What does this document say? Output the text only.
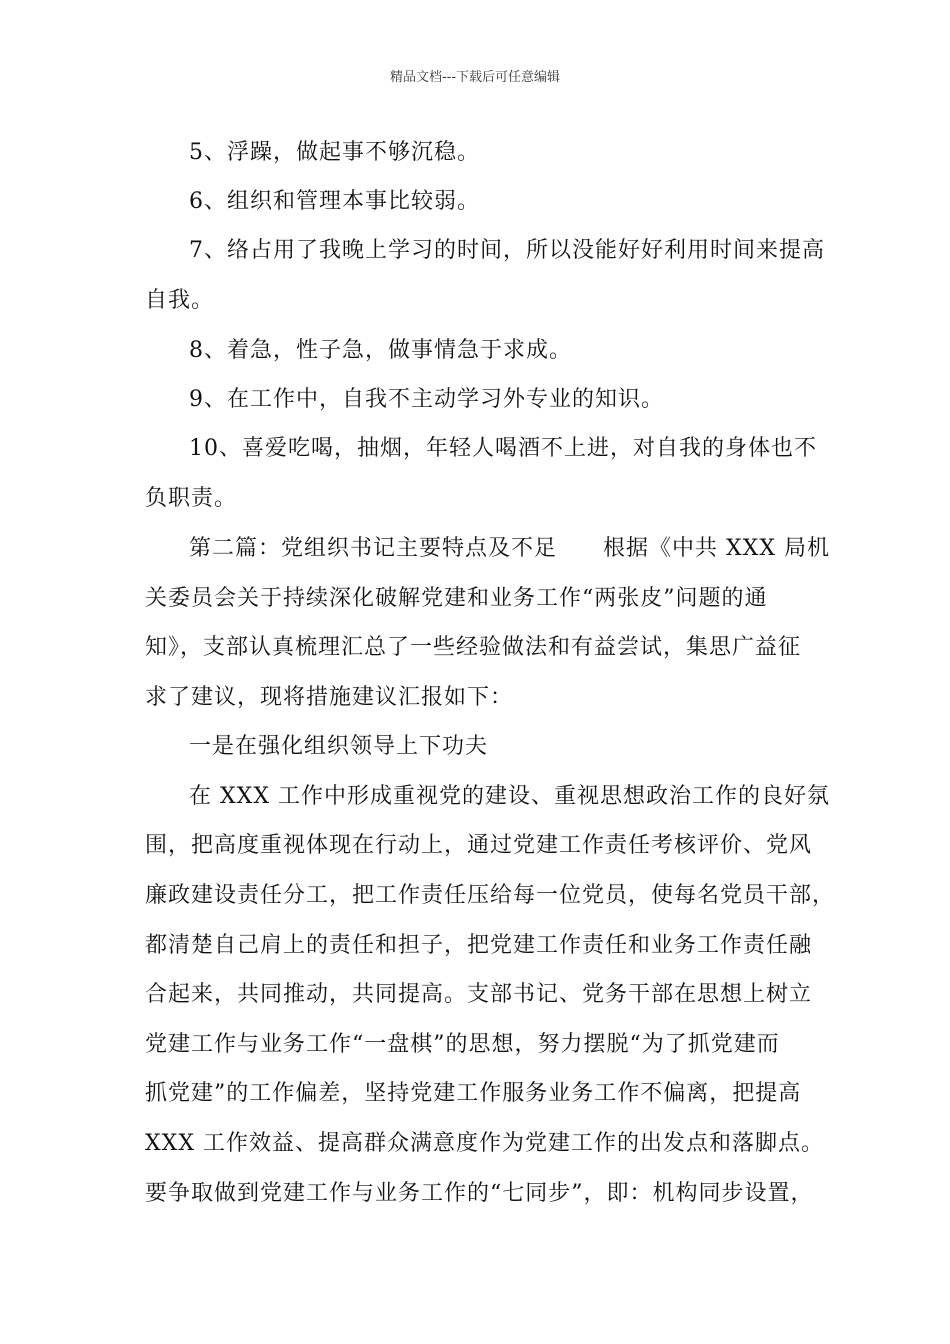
精品文档---下载后可任意编辑
5、浮躁，做起事不够沉稳。
6、组织和管理本事比较弱。
7、络占用了我晚上学习的时间，所以没能好好利用时间来提高
自我。
8、着急，性子急，做事情急于求成。
9、在工作中，自我不主动学习外专业的知识。
10、喜爱吃喝，抽烟，年轻人喝酒不上进，对自我的身体也不
负职责。
第二篇：党组织书记主要特点及不足　　根据《中共 XXX 局机
关委员会关于持续深化破解党建和业务工作“两张皮”问题的通
知》，支部认真梳理汇总了一些经验做法和有益尝试，集思广益征
求了建议，现将措施建议汇报如下：
一是在强化组织领导上下功夫
在 XXX 工作中形成重视党的建设、重视思想政治工作的良好氛
围，把高度重视体现在行动上，通过党建工作责任考核评价、党风
廉政建设责任分工，把工作责任压给每一位党员，使每名党员干部，
都清楚自己肩上的责任和担子，把党建工作责任和业务工作责任融
合起来，共同推动，共同提高。支部书记、党务干部在思想上树立
党建工作与业务工作“一盘棋”的思想，努力摆脱“为了抓党建而
抓党建”的工作偏差，坚持党建工作服务业务工作不偏离，把提高
XXX 工作效益、提高群众满意度作为党建工作的出发点和落脚点。
要争取做到党建工作与业务工作的“七同步”，即：机构同步设置，
